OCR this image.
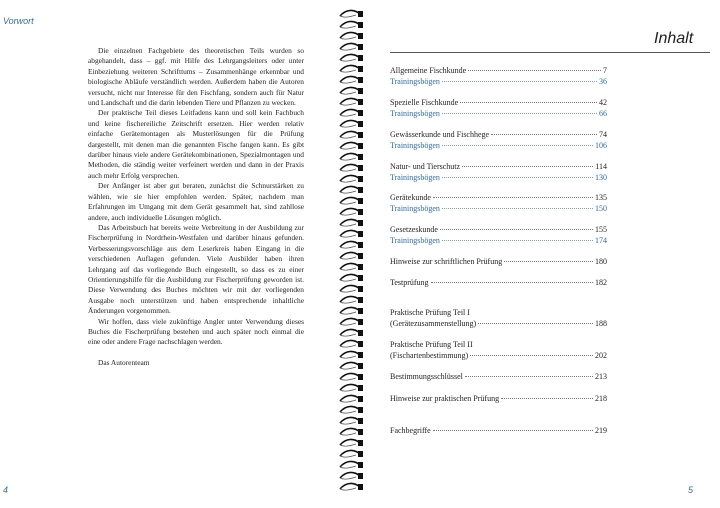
Vorwort

Die einzelnen Fachgebiete des theoretischen Teils wurden so abgehandelt, dass – ggf. mit Hilfe des Lehrgangsleiters oder unter Einbeziehung weiteren Schrifttums – Zusammenhänge erkennbar und biologische Abläufe verständlich werden. Außerdem haben die Autoren versucht, nicht nur Interesse für den Fischfang, sondern auch für Natur und Landschaft und die darin lebenden Tiere und Pflanzen zu wecken.

Der praktische Teil dieses Leitfadens kann und soll kein Fachbuch und keine fischereiliche Zeitschrift ersetzen. Hier werden relativ einfache Gerätemontagen als Musterlösungen für die Prüfung dargestellt, mit denen man die genannten Fische fangen kann. Es gibt darüber hinaus viele andere Gerätekombinationen, Spezialmontagen und Methoden, die ständig weiter verfeinert werden und dann in der Praxis auch mehr Erfolg versprechen.

Der Anfänger ist aber gut beraten, zunächst die Schnurstärken zu wählen, wie sie hier empfohlen werden. Später, nachdem man Erfahrungen im Umgang mit dem Gerät gesammelt hat, sind zahllose andere, auch individuelle Lösungen möglich.

Das Arbeitsbuch hat bereits weite Verbreitung in der Ausbildung zur Fischerprüfung in Nordrhein-Westfalen und darüber hinaus gefunden. Verbesserungsvorschläge aus dem Leserkreis haben Eingang in die verschiedenen Auflagen gefunden. Viele Ausbilder haben ihren Lehrgang auf das vorliegende Buch eingestellt, so dass es zu einer Orientierungshilfe für die Ausbildung zur Fischerprüfung geworden ist. Diese Verwendung des Buches möchten wir mit der vorliegenden Ausgabe noch unterstützen und haben entsprechende inhaltliche Änderungen vorgenommen.

Wir hoffen, dass viele zukünftige Angler unter Verwendung dieses Buches die Fischerprüfung bestehen und auch später noch einmal die eine oder andere Frage nachschlagen werden.

Das Autorenteam

4
Inhalt
Allgemeine Fischkunde	7
Trainingsbögen	36
Spezielle Fischkunde	42
Trainingsbögen	66
Gewässerkunde und Fischhege	74
Trainingsbögen	106
Natur- und Tierschutz	114
Trainingsbögen	130
Gerätekunde	135
Trainingsbögen	150
Gesetzeskunde	155
Trainingsbögen	174
Hinweise zur schriftlichen Prüfung	180
Testprüfung	182
Praktische Prüfung Teil I
(Gerätezusammenstellung)	188
Praktische Prüfung Teil II
(Fischartenbestimmung)	202
Bestimmungsschlüssel	213
Hinweise zur praktischen Prüfung	218
Fachbegriffe	219
5
